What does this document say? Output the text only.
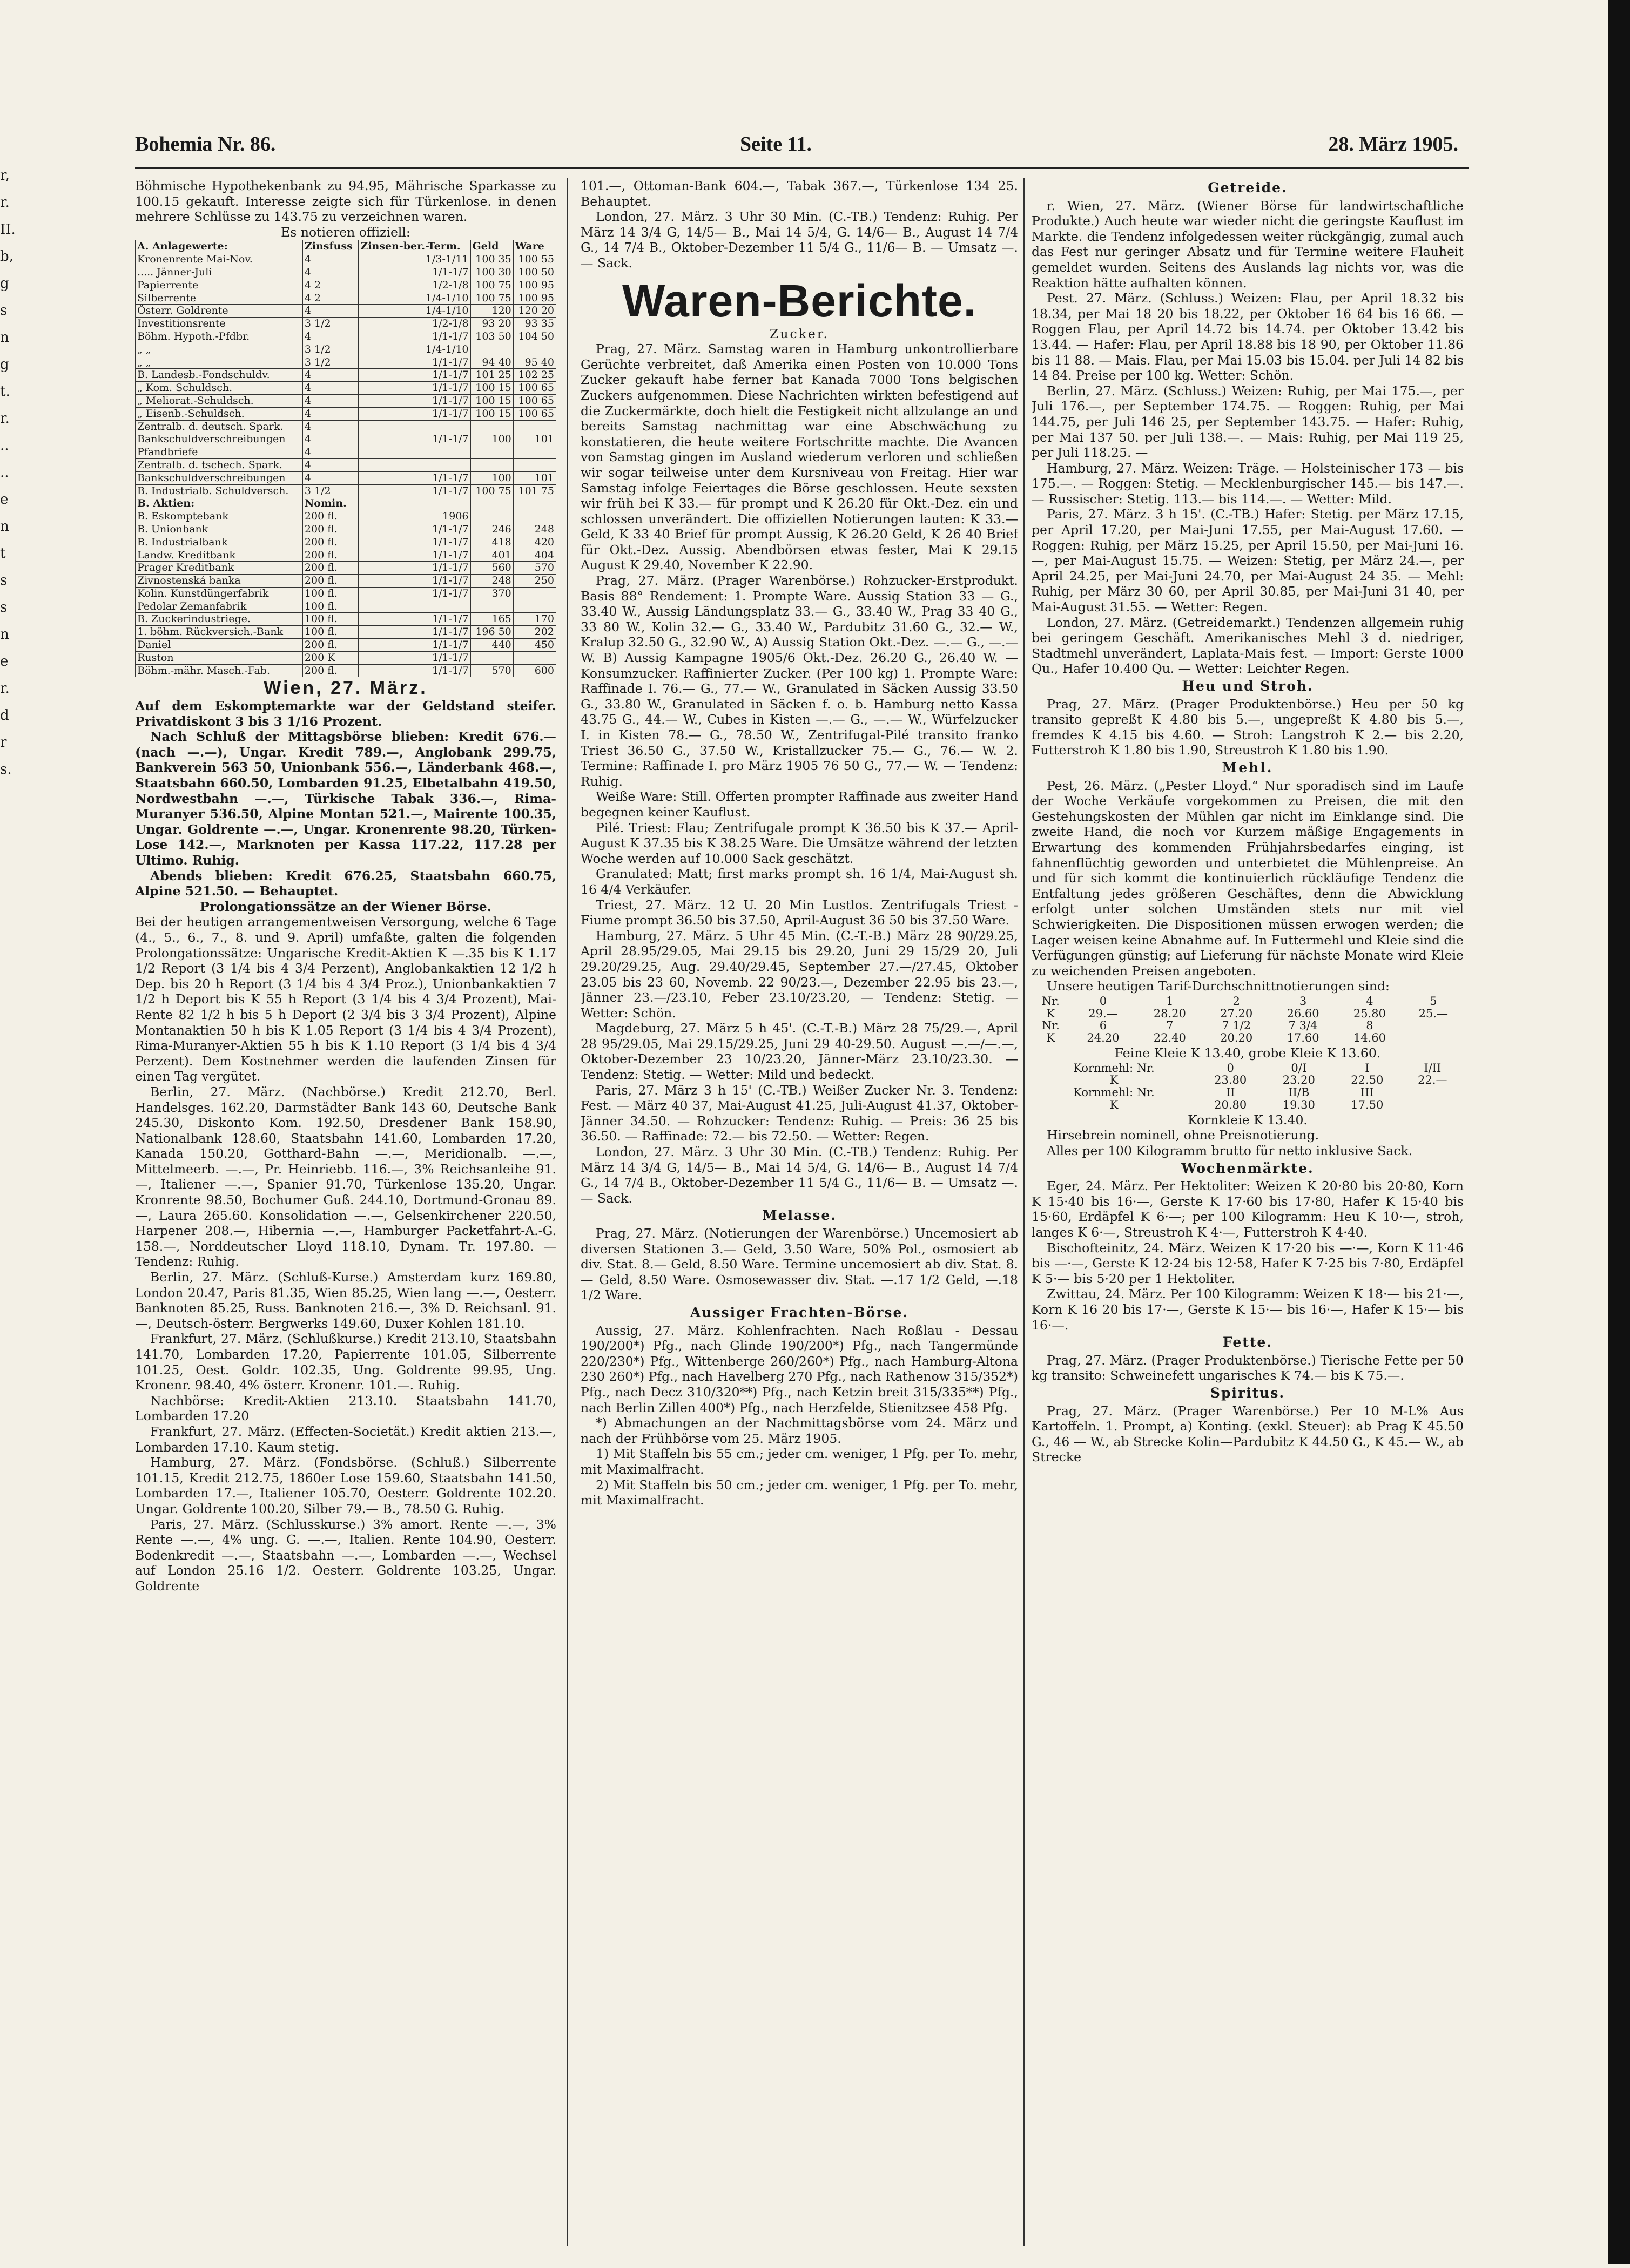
r,
r.
II.
b,
g
s
n
g
t.
r.
..
..
e
n
t
s
s
n
e
r.
d
r
s.
Bohemia Nr. 86.	Seite 11.	28. März 1905.

Böhmische Hypothekenbank zu 94.95, Mährische Sparkasse zu 100.15 gekauft. Interesse zeigte sich für Türkenlose. in denen mehrere Schlüsse zu 143.75 zu verzeichnen waren.

Es notieren offiziell:

A. Anlagewerte:	Zinsfuss	Zinsen-ber.-Term.	Geld	Ware
Kronenrente Mai-Nov.	4	1/3-1/11	100 35	100 55
..... Jänner-Juli	4	1/1-1/7	100 30	100 50
Papierrente	4 2	1/2-1/8	100 75	100 95
Silberrente	4 2	1/4-1/10	100 75	100 95
Österr. Goldrente	4	1/4-1/10	120	120 20
Investitionsrente	3 1/2	1/2-1/8	93 20	93 35
Böhm. Hypoth.-Pfdbr.	4	1/1-1/7	103 50	104 50
„ „	3 1/2	1/4-1/10		
„ „	3 1/2	1/1-1/7	94 40	95 40
B. Landesb.-Fondschuldv.	4	1/1-1/7	101 25	102 25
„ Kom. Schuldsch.	4	1/1-1/7	100 15	100 65
„ Meliorat.-Schuldsch.	4	1/1-1/7	100 15	100 65
„ Eisenb.-Schuldsch.	4	1/1-1/7	100 15	100 65
Zentralb. d. deutsch. Spark.	4			
Bankschuldverschreibungen	4	1/1-1/7	100	101
Pfandbriefe	4			
Zentralb. d. tschech. Spark.	4			
Bankschuldverschreibungen	4	1/1-1/7	100	101
B. Industrialb. Schuldversch.	3 1/2	1/1-1/7	100 75	101 75
B. Aktien:	Nomin.			
B. Eskomptebank	200 fl.	1906		
B. Unionbank	200 fl.	1/1-1/7	246	248
B. Industrialbank	200 fl.	1/1-1/7	418	420
Landw. Kreditbank	200 fl.	1/1-1/7	401	404
Prager Kreditbank	200 fl.	1/1-1/7	560	570
Zivnostenská banka	200 fl.	1/1-1/7	248	250
Kolin. Kunstdüngerfabrik	100 fl.	1/1-1/7	370	
Pedolar Zemanfabrik	100 fl.			
B. Zuckerindustriege.	100 fl.	1/1-1/7	165	170
1. böhm. Rückversich.-Bank	100 fl.	1/1-1/7	196 50	202
Daniel	200 fl.	1/1-1/7	440	450
Ruston	200 K	1/1-1/7		
Böhm.-mähr. Masch.-Fab.	200 fl.	1/1-1/7	570	600
Wien, 27. März.

Auf dem Eskomptemarkte war der Geldstand steifer. Privatdiskont 3 bis 3 1/16 Prozent.

Nach Schluß der Mittagsbörse blieben: Kredit 676.— (nach —.—), Ungar. Kredit 789.—, Anglobank 299.75, Bankverein 563 50, Unionbank 556.—, Länderbank 468.—, Staatsbahn 660.50, Lombarden 91.25, Elbetalbahn 419.50, Nordwestbahn —.—, Türkische Tabak 336.—, Rima-Muranyer 536.50, Alpine Montan 521.—, Mairente 100.35, Ungar. Goldrente —.—, Ungar. Kronenrente 98.20, Türken-Lose 142.—, Marknoten per Kassa 117.22, 117.28 per Ultimo. Ruhig.

Abends blieben: Kredit 676.25, Staatsbahn 660.75, Alpine 521.50. — Behauptet.

Prolongationssätze an der Wiener Börse.

Bei der heutigen arrangementweisen Versorgung, welche 6 Tage (4., 5., 6., 7., 8. und 9. April) umfaßte, galten die folgenden Prolongationssätze: Ungarische Kredit-Aktien K —.35 bis K 1.17 1/2 Report (3 1/4 bis 4 3/4 Perzent), Anglobankaktien 12 1/2 h Dep. bis 20 h Report (3 1/4 bis 4 3/4 Proz.), Unionbankaktien 7 1/2 h Deport bis K 55 h Report (3 1/4 bis 4 3/4 Prozent), Mai-Rente 82 1/2 h bis 5 h Deport (2 3/4 bis 3 3/4 Prozent), Alpine Montanaktien 50 h bis K 1.05 Report (3 1/4 bis 4 3/4 Prozent), Rima-Muranyer-Aktien 55 h bis K 1.10 Report (3 1/4 bis 4 3/4 Perzent). Dem Kostnehmer werden die laufenden Zinsen für einen Tag vergütet.

Berlin, 27. März. (Nachbörse.) Kredit 212.70, Berl. Handelsges. 162.20, Darmstädter Bank 143 60, Deutsche Bank 245.30, Diskonto Kom. 192.50, Dresdener Bank 158.90, Nationalbank 128.60, Staatsbahn 141.60, Lombarden 17.20, Kanada 150.20, Gotthard-Bahn —.—, Meridionalb. —.—, Mittelmeerb. —.—, Pr. Heinriebb. 116.—, 3% Reichsanleihe 91.—, Italiener —.—, Spanier 91.70, Türkenlose 135.20, Ungar. Kronrente 98.50, Bochumer Guß. 244.10, Dortmund-Gronau 89.—, Laura 265.60. Konsolidation —.—, Gelsenkirchener 220.50, Harpener 208.—, Hibernia —.—, Hamburger Packetfahrt-A.-G. 158.—, Norddeutscher Lloyd 118.10, Dynam. Tr. 197.80. — Tendenz: Ruhig.

Berlin, 27. März. (Schluß-Kurse.) Amsterdam kurz 169.80, London 20.47, Paris 81.35, Wien 85.25, Wien lang —.—, Oesterr. Banknoten 85.25, Russ. Banknoten 216.—, 3% D. Reichsanl. 91.—, Deutsch-österr. Bergwerks 149.60, Duxer Kohlen 181.10.

Frankfurt, 27. März. (Schlußkurse.) Kredit 213.10, Staatsbahn 141.70, Lombarden 17.20, Papierrente 101.05, Silberrente 101.25, Oest. Goldr. 102.35, Ung. Goldrente 99.95, Ung. Kronenr. 98.40, 4% österr. Kronenr. 101.—. Ruhig.

Nachbörse: Kredit-Aktien 213.10. Staatsbahn 141.70, Lombarden 17.20

Frankfurt, 27. März. (Effecten-Societät.) Kredit aktien 213.—, Lombarden 17.10. Kaum stetig.

Hamburg, 27. März. (Fondsbörse. (Schluß.) Silberrente 101.15, Kredit 212.75, 1860er Lose 159.60, Staatsbahn 141.50, Lombarden 17.—, Italiener 105.70, Oesterr. Goldrente 102.20. Ungar. Goldrente 100.20, Silber 79.— B., 78.50 G. Ruhig.

Paris, 27. März. (Schlusskurse.) 3% amort. Rente —.—, 3% Rente —.—, 4% ung. G. —.—, Italien. Rente 104.90, Oesterr. Bodenkredit —.—, Staatsbahn —.—, Lombarden —.—, Wechsel auf London 25.16 1/2. Oesterr. Goldrente 103.25, Ungar. Goldrente

101.—, Ottoman-Bank 604.—, Tabak 367.—, Türkenlose 134 25. Behauptet.

London, 27. März. 3 Uhr 30 Min. (C.-TB.) Tendenz: Ruhig. Per März 14 3/4 G, 14/5— B., Mai 14 5/4, G. 14/6— B., August 14 7/4 G., 14 7/4 B., Oktober-Dezember 11 5/4 G., 11/6— B. — Umsatz —.— Sack.

Waren-Berichte.

Zucker.

Prag, 27. März. Samstag waren in Hamburg unkontrollierbare Gerüchte verbreitet, daß Amerika einen Posten von 10.000 Tons Zucker gekauft habe ferner bat Kanada 7000 Tons belgischen Zuckers aufgenommen. Diese Nachrichten wirkten befestigend auf die Zuckermärkte, doch hielt die Festigkeit nicht allzulange an und bereits Samstag nachmittag war eine Abschwächung zu konstatieren, die heute weitere Fortschritte machte. Die Avancen von Samstag gingen im Ausland wiederum verloren und schließen wir sogar teilweise unter dem Kursniveau von Freitag. Hier war Samstag infolge Feiertages die Börse geschlossen. Heute sexsten wir früh bei K 33.— für prompt und K 26.20 für Okt.-Dez. ein und schlossen unverändert. Die offiziellen Notierungen lauten: K 33.— Geld, K 33 40 Brief für prompt Aussig, K 26.20 Geld, K 26 40 Brief für Okt.-Dez. Aussig. Abendbörsen etwas fester, Mai K 29.15 August K 29.40, November K 22.90.

Prag, 27. März. (Prager Warenbörse.) Rohzucker-Erstprodukt. Basis 88° Rendement: 1. Prompte Ware. Aussig Station 33 — G., 33.40 W., Aussig Ländungsplatz 33.— G., 33.40 W., Prag 33 40 G., 33 80 W., Kolin 32.— G., 33.40 W., Pardubitz 31.60 G., 32.— W., Kralup 32.50 G., 32.90 W., A) Aussig Station Okt.-Dez. —.— G., —.— W. B) Aussig Kampagne 1905/6 Okt.-Dez. 26.20 G., 26.40 W. — Konsumzucker. Raffinierter Zucker. (Per 100 kg) 1. Prompte Ware: Raffinade I. 76.— G., 77.— W., Granulated in Säcken Aussig 33.50 G., 33.80 W., Granulated in Säcken f. o. b. Hamburg netto Kassa 43.75 G., 44.— W., Cubes in Kisten —.— G., —.— W., Würfelzucker I. in Kisten 78.— G., 78.50 W., Zentrifugal-Pilé transito franko Triest 36.50 G., 37.50 W., Kristallzucker 75.— G., 76.— W. 2. Termine: Raffinade I. pro März 1905 76 50 G., 77.— W. — Tendenz: Ruhig.

Weiße Ware: Still. Offerten prompter Raffinade aus zweiter Hand begegnen keiner Kauflust.

Pilé. Triest: Flau; Zentrifugale prompt K 36.50 bis K 37.— April-August K 37.35 bis K 38.25 Ware. Die Umsätze während der letzten Woche werden auf 10.000 Sack geschätzt.

Granulated: Matt; first marks prompt sh. 16 1/4, Mai-August sh. 16 4/4 Verkäufer.

Triest, 27. März. 12 U. 20 Min Lustlos. Zentrifugals Triest - Fiume prompt 36.50 bis 37.50, April-August 36 50 bis 37.50 Ware.

Hamburg, 27. März. 5 Uhr 45 Min. (C.-T.-B.) März 28 90/29.25, April 28.95/29.05, Mai 29.15 bis 29.20, Juni 29 15/29 20, Juli 29.20/29.25, Aug. 29.40/29.45, September 27.—/27.45, Oktober 23.05 bis 23 60, Novemb. 22 90/23.—, Dezember 22.95 bis 23.—, Jänner 23.—/23.10, Feber 23.10/23.20, — Tendenz: Stetig. — Wetter: Schön.

Magdeburg, 27. März 5 h 45'. (C.-T.-B.) März 28 75/29.—, April 28 95/29.05, Mai 29.15/29.25, Juni 29 40-29.50. August —.—/—.—, Oktober-Dezember 23 10/23.20, Jänner-März 23.10/23.30. — Tendenz: Stetig. — Wetter: Mild und bedeckt.

Paris, 27. März 3 h 15' (C.-TB.) Weißer Zucker Nr. 3. Tendenz: Fest. — März 40 37, Mai-August 41.25, Juli-August 41.37, Oktober-Jänner 34.50. — Rohzucker: Tendenz: Ruhig. — Preis: 36 25 bis 36.50. — Raffinade: 72.— bis 72.50. — Wetter: Regen.

London, 27. März. 3 Uhr 30 Min. (C.-TB.) Tendenz: Ruhig. Per März 14 3/4 G, 14/5— B., Mai 14 5/4, G. 14/6— B., August 14 7/4 G., 14 7/4 B., Oktober-Dezember 11 5/4 G., 11/6— B. — Umsatz —.— Sack.

Melasse.

Prag, 27. März. (Notierungen der Warenbörse.) Uncemosiert ab diversen Stationen 3.— Geld, 3.50 Ware, 50% Pol., osmosiert ab div. Stat. 8.— Geld, 8.50 Ware. Termine uncemosiert ab div. Stat. 8.— Geld, 8.50 Ware. Osmosewasser div. Stat. —.17 1/2 Geld, —.18 1/2 Ware.

Aussiger Frachten-Börse.

Aussig, 27. März. Kohlenfrachten. Nach Roßlau - Dessau 190/200*) Pfg., nach Glinde 190/200*) Pfg., nach Tangermünde 220/230*) Pfg., Wittenberge 260/260*) Pfg., nach Hamburg-Altona 230 260*) Pfg., nach Havelberg 270 Pfg., nach Rathenow 315/352*) Pfg., nach Decz 310/320**) Pfg., nach Ketzin breit 315/335**) Pfg., nach Berlin Zillen 400*) Pfg., nach Herzfelde, Stienitzsee 458 Pfg.

*) Abmachungen an der Nachmittagsbörse vom 24. März und nach der Frühbörse vom 25. März 1905.

1) Mit Staffeln bis 55 cm.; jeder cm. weniger, 1 Pfg. per To. mehr, mit Maximalfracht.

2) Mit Staffeln bis 50 cm.; jeder cm. weniger, 1 Pfg. per To. mehr, mit Maximalfracht.

Getreide.

r. Wien, 27. März. (Wiener Börse für landwirtschaftliche Produkte.) Auch heute war wieder nicht die geringste Kauflust im Markte. die Tendenz infolgedessen weiter rückgängig, zumal auch das Fest nur geringer Absatz und für Termine weitere Flauheit gemeldet wurden. Seitens des Auslands lag nichts vor, was die Reaktion hätte aufhalten können.

Pest. 27. März. (Schluss.) Weizen: Flau, per April 18.32 bis 18.34, per Mai 18 20 bis 18.22, per Oktober 16 64 bis 16 66. — Roggen Flau, per April 14.72 bis 14.74. per Oktober 13.42 bis 13.44. — Hafer: Flau, per April 18.88 bis 18 90, per Oktober 11.86 bis 11 88. — Mais. Flau, per Mai 15.03 bis 15.04. per Juli 14 82 bis 14 84. Preise per 100 kg. Wetter: Schön.

Berlin, 27. März. (Schluss.) Weizen: Ruhig, per Mai 175.—, per Juli 176.—, per September 174.75. — Roggen: Ruhig, per Mai 144.75, per Juli 146 25, per September 143.75. — Hafer: Ruhig, per Mai 137 50. per Juli 138.—. — Mais: Ruhig, per Mai 119 25, per Juli 118.25. —

Hamburg, 27. März. Weizen: Träge. — Holsteinischer 173 — bis 175.—. — Roggen: Stetig. — Mecklenburgischer 145.— bis 147.—. — Russischer: Stetig. 113.— bis 114.—. — Wetter: Mild.

Paris, 27. März. 3 h 15'. (C.-TB.) Hafer: Stetig. per März 17.15, per April 17.20, per Mai-Juni 17.55, per Mai-August 17.60. — Roggen: Ruhig, per März 15.25, per April 15.50, per Mai-Juni 16.—, per Mai-August 15.75. — Weizen: Stetig, per März 24.—, per April 24.25, per Mai-Juni 24.70, per Mai-August 24 35. — Mehl: Ruhig, per März 30 60, per April 30.85, per Mai-Juni 31 40, per Mai-August 31.55. — Wetter: Regen.

London, 27. März. (Getreidemarkt.) Tendenzen allgemein ruhig bei geringem Geschäft. Amerikanisches Mehl 3 d. niedriger, Stadtmehl unverändert, Laplata-Mais fest. — Import: Gerste 1000 Qu., Hafer 10.400 Qu. — Wetter: Leichter Regen.

Heu und Stroh.

Prag, 27. März. (Prager Produktenbörse.) Heu per 50 kg transito gepreßt K 4.80 bis 5.—, ungepreßt K 4.80 bis 5.—, fremdes K 4.15 bis 4.60. — Stroh: Langstroh K 2.— bis 2.20, Futterstroh K 1.80 bis 1.90, Streustroh K 1.80 bis 1.90.

Mehl.

Pest, 26. März. („Pester Lloyd.“ Nur sporadisch sind im Laufe der Woche Verkäufe vorgekommen zu Preisen, die mit den Gestehungskosten der Mühlen gar nicht im Einklange sind. Die zweite Hand, die noch vor Kurzem mäßige Engagements in Erwartung des kommenden Frühjahrsbedarfes einging, ist fahnenflüchtig geworden und unterbietet die Mühlenpreise. An und für sich kommt die kontinuierlich rückläufige Tendenz die Entfaltung jedes größeren Geschäftes, denn die Abwicklung erfolgt unter solchen Umständen stets nur mit viel Schwierigkeiten. Die Dispositionen müssen erwogen werden; die Lager weisen keine Abnahme auf. In Futtermehl und Kleie sind die Verfügungen günstig; auf Lieferung für nächste Monate wird Kleie zu weichenden Preisen angeboten.

Unsere heutigen Tarif-Durchschnittnotierungen sind:

Nr.	0	1	2	3	4	5
K	29.—	28.20	27.20	26.60	25.80	25.—
Nr.	6	7	7 1/2	7 3/4	8	
K	24.20	22.40	20.20	17.60	14.60	

Feine Kleie K 13.40, grobe Kleie K 13.60.

Kornmehl: Nr.	0	0/I	I	I/II
K	23.80	23.20	22.50	22.—
Kornmehl: Nr.	II	II/B	III	
K	20.80	19.30	17.50	

Kornkleie K 13.40.

Hirsebrein nominell, ohne Preisnotierung.

Alles per 100 Kilogramm brutto für netto inklusive Sack.

Wochenmärkte.

Eger, 24. März. Per Hektoliter: Weizen K 20·80 bis 20·80, Korn K 15·40 bis 16·—, Gerste K 17·60 bis 17·80, Hafer K 15·40 bis 15·60, Erdäpfel K 6·—; per 100 Kilogramm: Heu K 10·—, stroh, langes K 6·—, Streustroh K 4·—, Futterstroh K 4·40.

Bischofteinitz, 24. März. Weizen K 17·20 bis —·—, Korn K 11·46 bis —·—, Gerste K 12·24 bis 12·58, Hafer K 7·25 bis 7·80, Erdäpfel K 5·— bis 5·20 per 1 Hektoliter.

Zwittau, 24. März. Per 100 Kilogramm: Weizen K 18·— bis 21·—, Korn K 16 20 bis 17·—, Gerste K 15·— bis 16·—, Hafer K 15·— bis 16·—.

Fette.

Prag, 27. März. (Prager Produktenbörse.) Tierische Fette per 50 kg transito: Schweinefett ungarisches K 74.— bis K 75.—.

Spiritus.

Prag, 27. März. (Prager Warenbörse.) Per 10 M-L% Aus Kartoffeln. 1. Prompt, a) Konting. (exkl. Steuer): ab Prag K 45.50 G., 46 — W., ab Strecke Kolin—Pardubitz K 44.50 G., K 45.— W., ab Strecke
